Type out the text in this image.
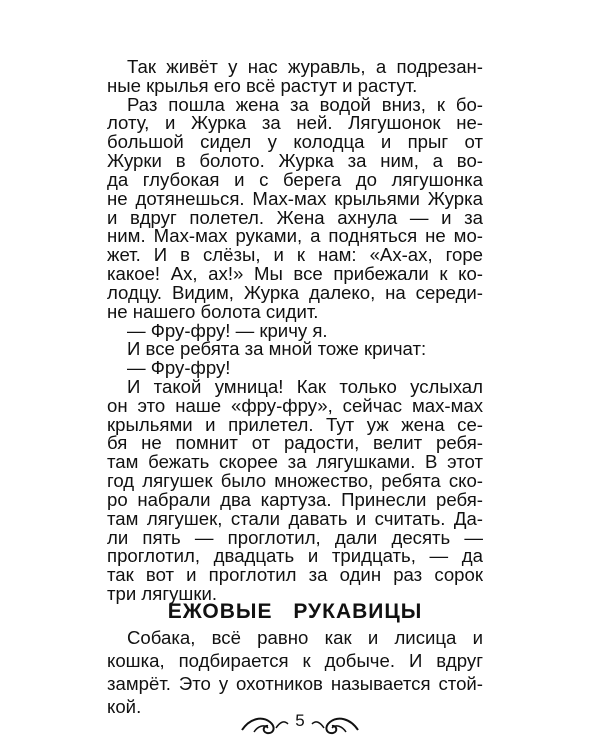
Так живёт у нас журавль, а подрезан-
ные крылья его всё растут и растут.
Раз пошла жена за водой вниз, к бо-
лоту, и Журка за ней. Лягушонок не-
большой сидел у колодца и прыг от
Журки в болото. Журка за ним, а во-
да глубокая и с берега до лягушонка
не дотянешься. Мах-мах крыльями Журка
и вдруг полетел. Жена ахнула — и за
ним. Мах-мах руками, а подняться не мо-
жет. И в слёзы, и к нам: «Ах-ах, горе
какое! Ах, ах!» Мы все прибежали к ко-
лодцу. Видим, Журка далеко, на середи-
не нашего болота сидит.
— Фру-фру! — кричу я.
И все ребята за мной тоже кричат:
— Фру-фру!
И такой умница! Как только услыхал
он это наше «фру-фру», сейчас мах-мах
крыльями и прилетел. Тут уж жена се-
бя не помнит от радости, велит ребя-
там бежать скорее за лягушками. В этот
год лягушек было множество, ребята ско-
ро набрали два картуза. Принесли ребя-
там лягушек, стали давать и считать. Да-
ли пять — проглотил, дали десять —
проглотил, двадцать и тридцать, — да
так вот и проглотил за один раз сорок
три лягушки.
ЕЖОВЫЕ РУКАВИЦЫ
Собака, всё равно как и лисица и
кошка, подбирается к добыче. И вдруг
замрёт. Это у охотников называется стой-
кой.
5
